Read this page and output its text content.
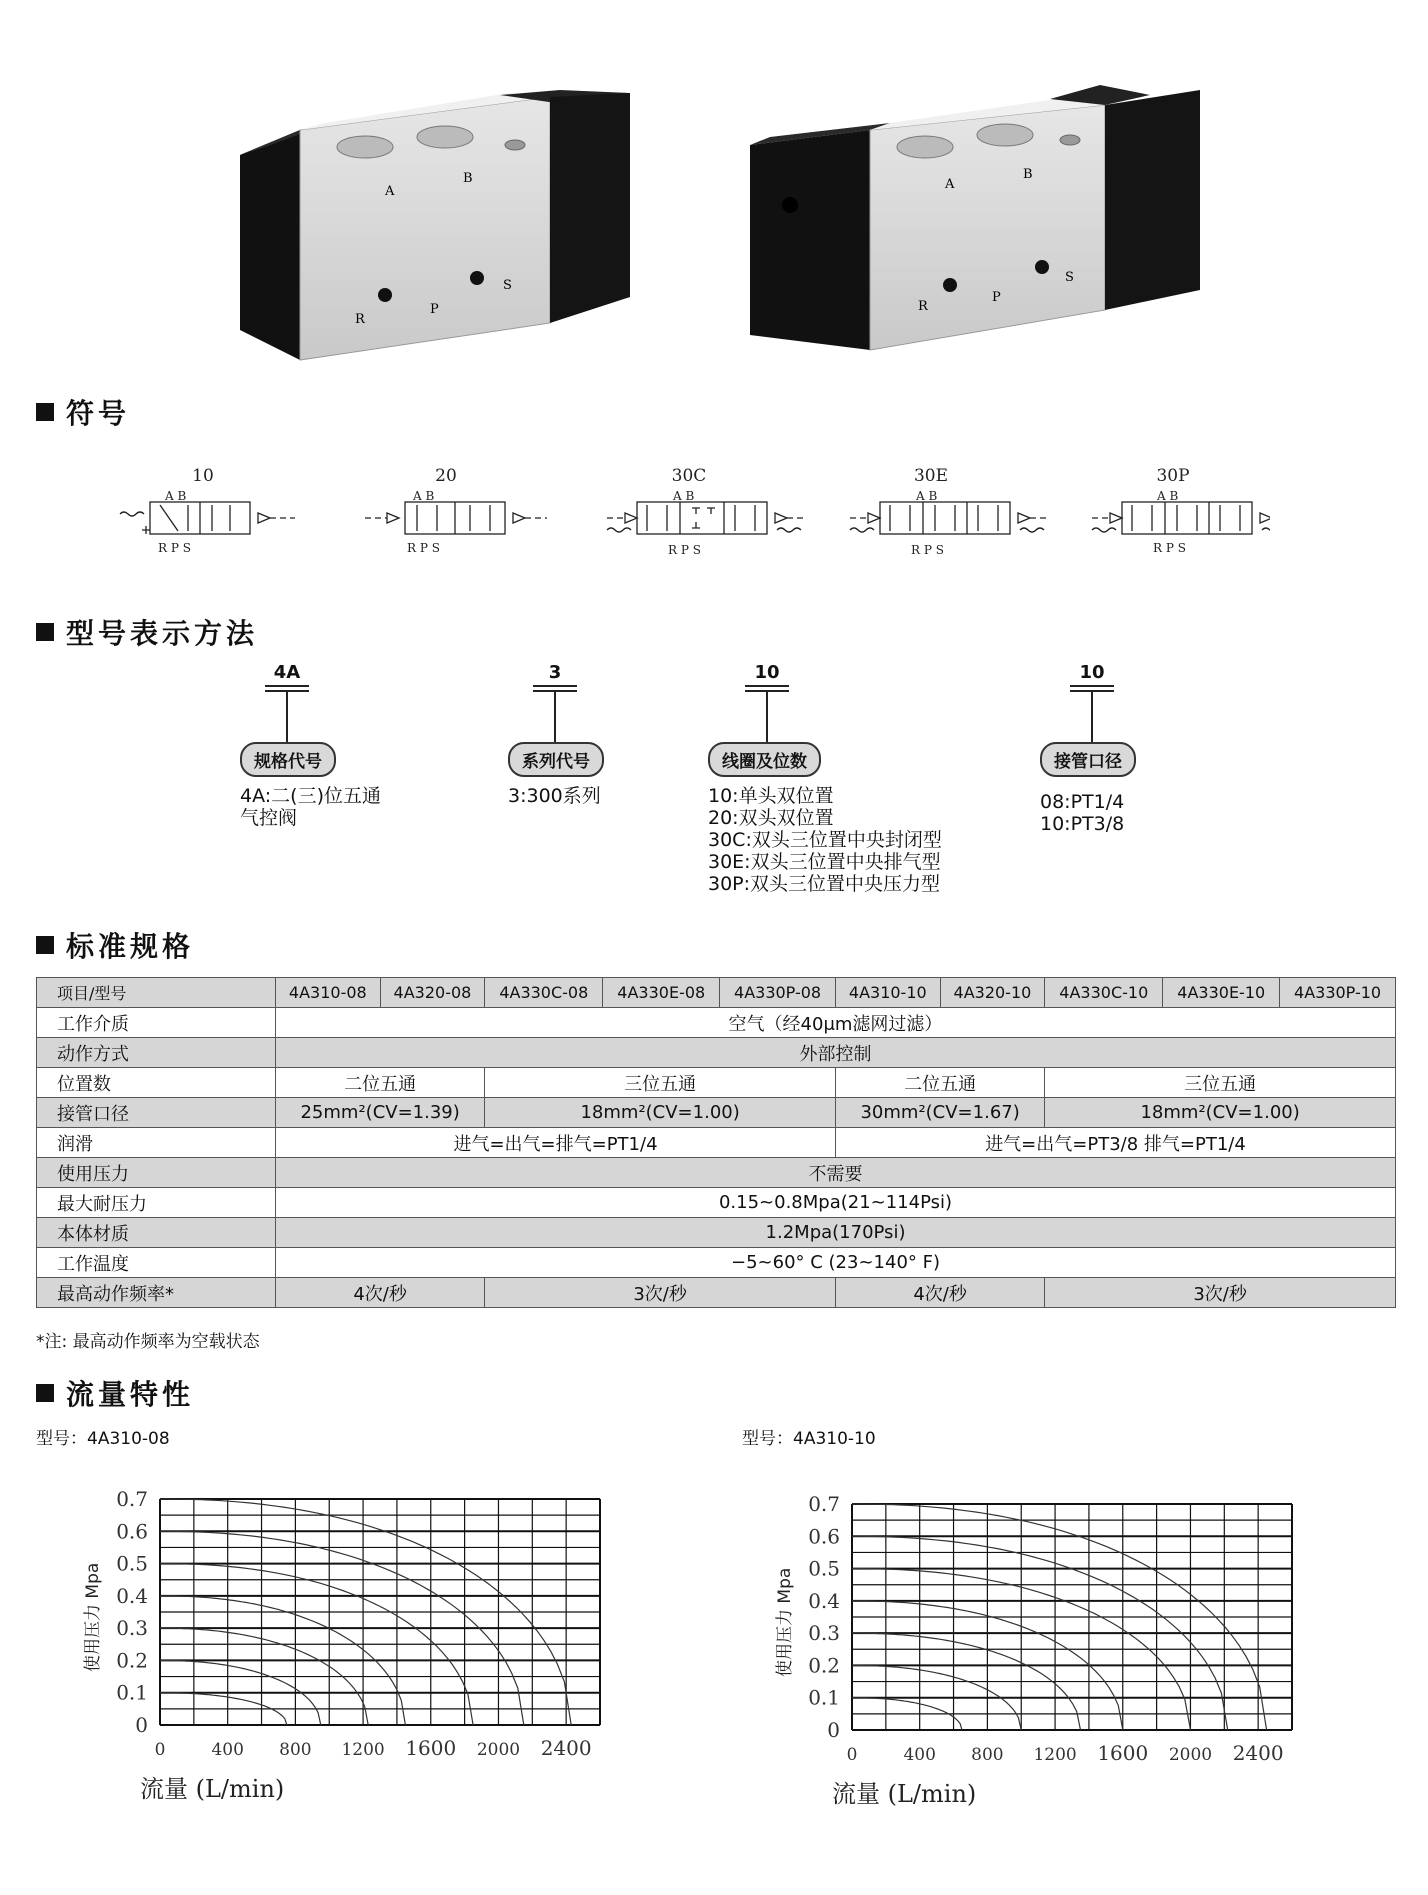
A
B
R
P
S
A
B
R
P
S
符号
10	20	30C	30E	30P
A B
R P S
A B
R P S
A B
R P S
A B
R P S
A B
R P S
型号表示方法
4A
规格代号
4A:二(三)位五通
气控阀
3
系列代号
3:300系列
10
线圈及位数
10:单头双位置
20:双头双位置
30C:双头三位置中央封闭型
30E:双头三位置中央排气型
30P:双头三位置中央压力型
10
接管口径
08:PT1/4
10:PT3/8
标准规格
项目/型号	4A310-08	4A320-08	4A330C-08	4A330E-08	4A330P-08	4A310-10	4A320-10	4A330C-10	4A330E-10	4A330P-10
工作介质	空气（经40μm滤网过滤）									
动作方式	外部控制									
位置数	二位五通		三位五通			二位五通		三位五通		
接管口径	25mm²(CV=1.39)		18mm²(CV=1.00)			30mm²(CV=1.67)		18mm²(CV=1.00)		
润滑	进气=出气=排气=PT1/4					进气=出气=PT3/8 排气=PT1/4				
使用压力	不需要									
最大耐压力	0.15~0.8Mpa(21~114Psi)									
本体材质	1.2Mpa(170Psi)									
工作温度	−5~60° C (23~140° F)									
最高动作频率*	4次/秒		3次/秒			4次/秒		3次/秒		
*注: 最高动作频率为空载状态
流量特性
型号：4A310-08	型号：4A310-10
0
0.1
0.2
0.3
0.4
0.5
0.6
0.7
0	400 800 1200 1600 2000 2400
使用压力 Mpa
流量 (L/min)
0
0.1
0.2
0.3
0.4
0.5
0.6
0.7
0	400 800 1200 1600 2000 2400
使用压力 Mpa
流量 (L/min)
